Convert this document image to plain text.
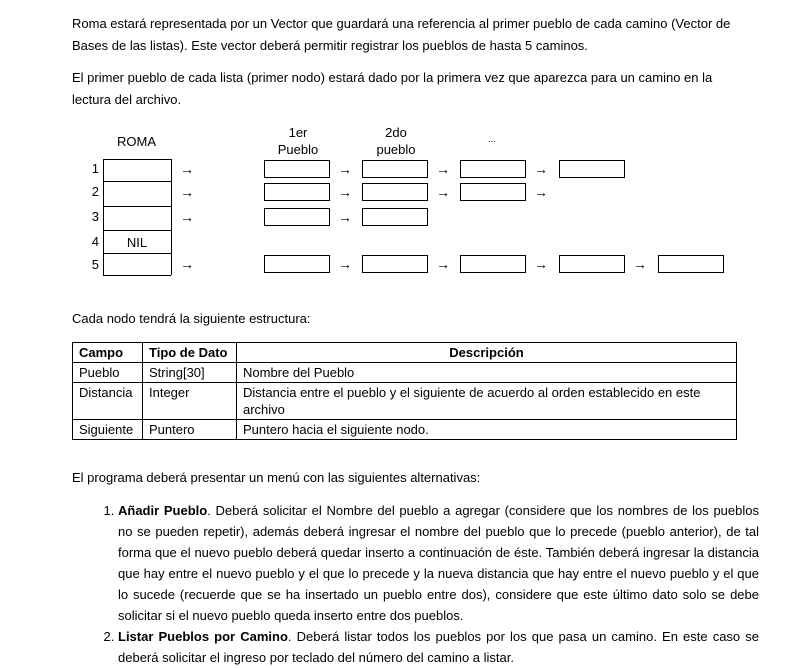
Roma estará representada por un Vector que guardará una referencia al primer pueblo de cada camino (Vector de Bases de las listas). Este vector deberá permitir registrar los pueblos de hasta 5 caminos.

El primer pueblo de cada lista (primer nodo) estará dado por la primera vez que aparezca para un camino en la lectura del archivo.

ROMA
1er
Pueblo
2do
pueblo
...
1	→	→	→	→
2	→	→	→	→
3	→	→
4	NIL
5	→	→	→	→	→

Cada nodo tendrá la siguiente estructura:

Campo	Tipo de Dato	Descripción
Pueblo	String[30]	Nombre del Pueblo
Distancia	Integer	Distancia entre el pueblo y el siguiente de acuerdo al orden establecido en este archivo
Siguiente	Puntero	Puntero hacia el siguiente nodo.

El programa deberá presentar un menú con las siguientes alternativas:

1. Añadir Pueblo. Deberá solicitar el Nombre del pueblo a agregar (considere que los nombres de los pueblos no se pueden repetir), además deberá ingresar el nombre del pueblo que lo precede (pueblo anterior), de tal forma que el nuevo pueblo deberá quedar inserto a continuación de éste. También deberá ingresar la distancia que hay entre el nuevo pueblo y el que lo precede y la nueva distancia que hay entre el nuevo pueblo y el que lo sucede (recuerde que se ha insertado un pueblo entre dos), considere que este último dato solo se debe solicitar si el nuevo pueblo queda inserto entre dos pueblos.
2. Listar Pueblos por Camino. Deberá listar todos los pueblos por los que pasa un camino. En este caso se deberá solicitar el ingreso por teclado del número del camino a listar.
